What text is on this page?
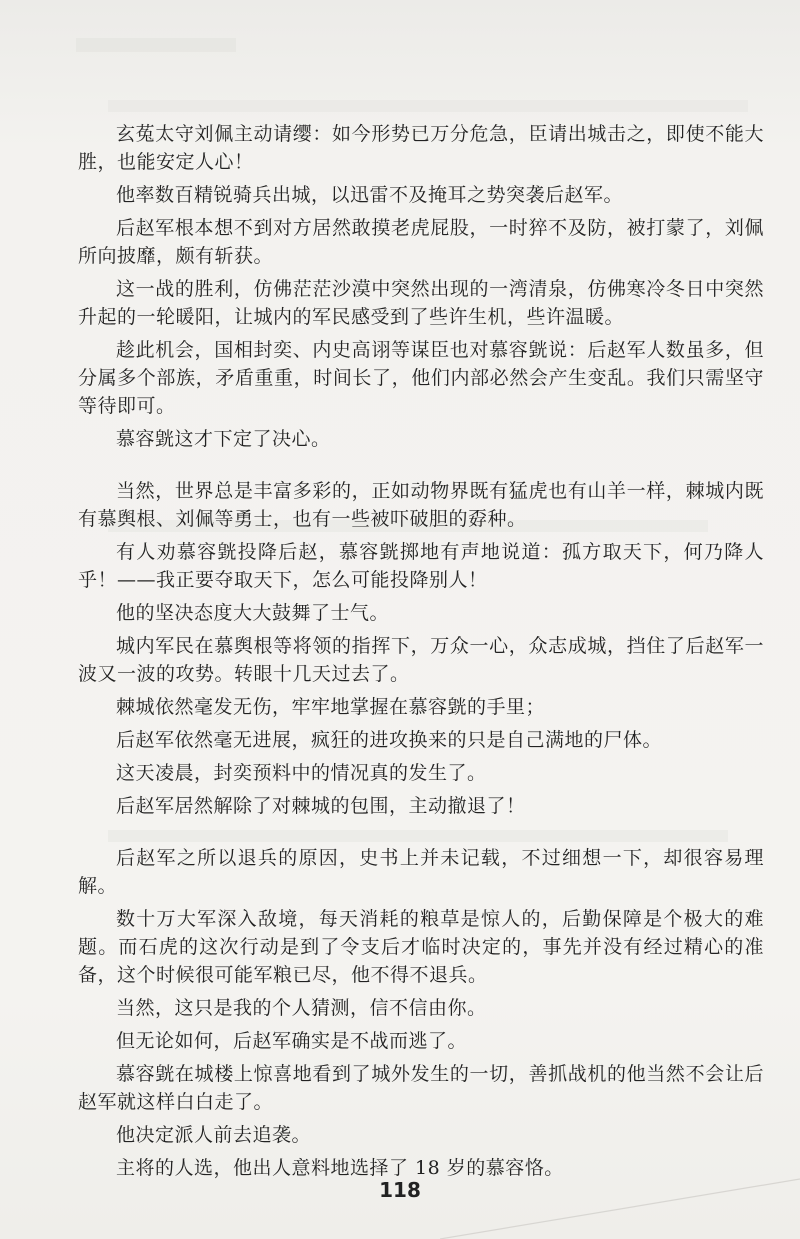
玄菟太守刘佩主动请缨：如今形势已万分危急，臣请出城击之，即使不能大胜，也能安定人心！

他率数百精锐骑兵出城，以迅雷不及掩耳之势突袭后赵军。

后赵军根本想不到对方居然敢摸老虎屁股，一时猝不及防，被打蒙了，刘佩所向披靡，颇有斩获。

这一战的胜利，仿佛茫茫沙漠中突然出现的一湾清泉，仿佛寒冷冬日中突然升起的一轮暖阳，让城内的军民感受到了些许生机，些许温暖。

趁此机会，国相封奕、内史高诩等谋臣也对慕容皝说：后赵军人数虽多，但分属多个部族，矛盾重重，时间长了，他们内部必然会产生变乱。我们只需坚守等待即可。

慕容皝这才下定了决心。

当然，世界总是丰富多彩的，正如动物界既有猛虎也有山羊一样，棘城内既有慕舆根、刘佩等勇士，也有一些被吓破胆的孬种。

有人劝慕容皝投降后赵，慕容皝掷地有声地说道：孤方取天下，何乃降人乎！——我正要夺取天下，怎么可能投降别人！

他的坚决态度大大鼓舞了士气。

城内军民在慕舆根等将领的指挥下，万众一心，众志成城，挡住了后赵军一波又一波的攻势。转眼十几天过去了。

棘城依然毫发无伤，牢牢地掌握在慕容皝的手里；

后赵军依然毫无进展，疯狂的进攻换来的只是自己满地的尸体。

这天凌晨，封奕预料中的情况真的发生了。

后赵军居然解除了对棘城的包围，主动撤退了！

后赵军之所以退兵的原因，史书上并未记载，不过细想一下，却很容易理解。

数十万大军深入敌境，每天消耗的粮草是惊人的，后勤保障是个极大的难题。而石虎的这次行动是到了令支后才临时决定的，事先并没有经过精心的准备，这个时候很可能军粮已尽，他不得不退兵。

当然，这只是我的个人猜测，信不信由你。

但无论如何，后赵军确实是不战而逃了。

慕容皝在城楼上惊喜地看到了城外发生的一切，善抓战机的他当然不会让后赵军就这样白白走了。

他决定派人前去追袭。

主将的人选，他出人意料地选择了 18 岁的慕容恪。

118
